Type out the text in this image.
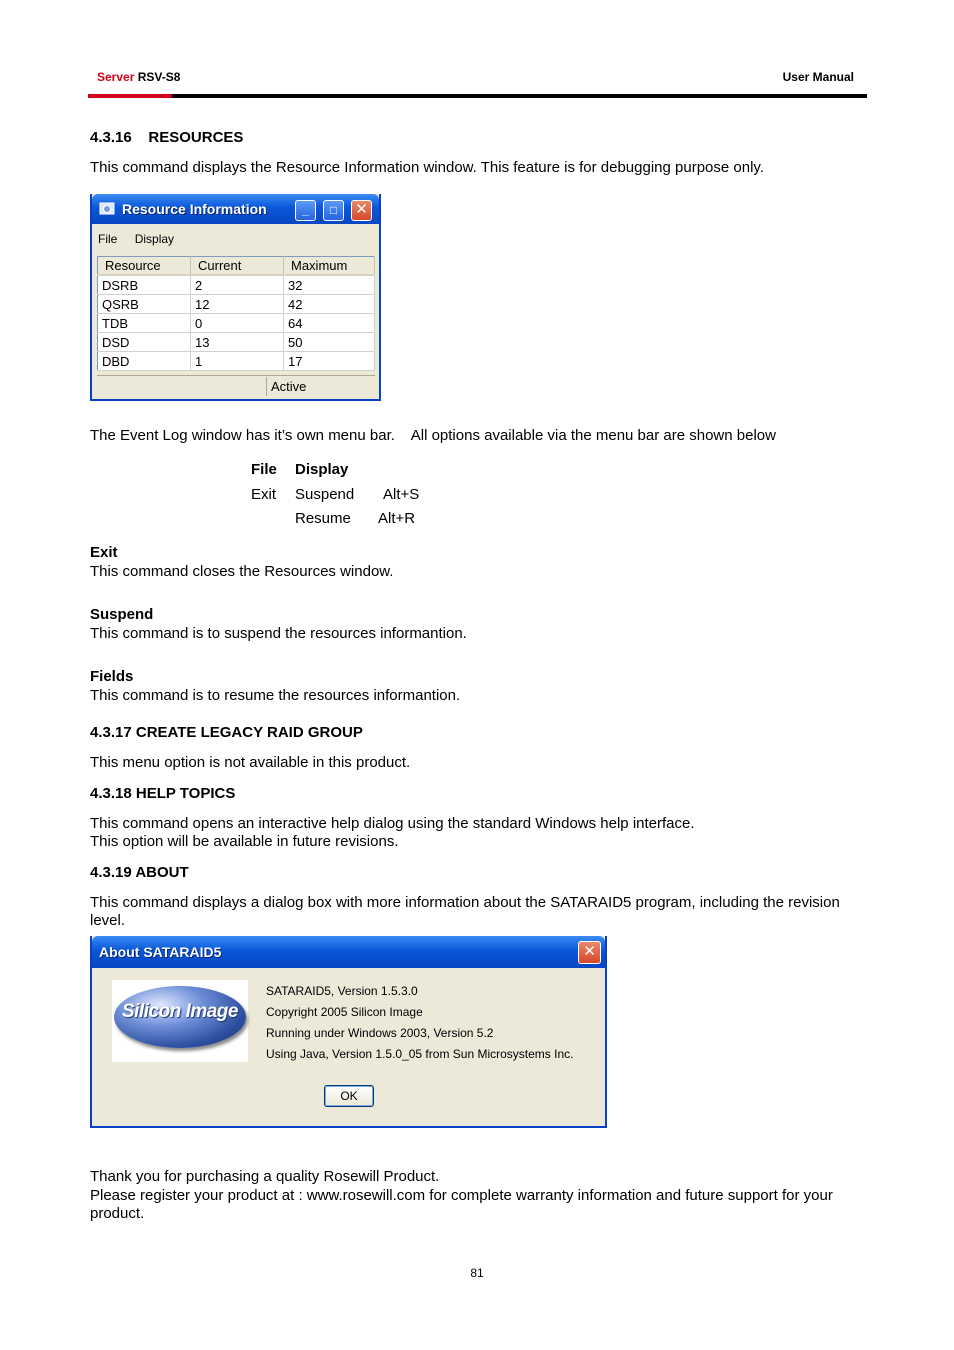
Server RSV-S8	User Manual
4.3.16 RESOURCES
This command displays the Resource Information window. This feature is for debugging purpose only.
Resource Information	_	□	✕
File Display
Resource	Current	Maximum
DSRB	2	32
QSRB	12	42
TDB	0	64
DSD	13	50
DBD	1	17
Active
The Event Log window has it’s own menu bar.    All options available via the menu bar are shown below
File Display
Exit Suspend Alt+S
Resume Alt+R
Exit
This command closes the Resources window.
Suspend
This command is to suspend the resources informantion.
Fields
This command is to resume the resources informantion.
4.3.17 CREATE LEGACY RAID GROUP
This menu option is not available in this product.
4.3.18 HELP TOPICS
This command opens an interactive help dialog using the standard Windows help interface.
This option will be available in future revisions.
4.3.19 ABOUT
This command displays a dialog box with more information about the SATARAID5 program, including the revision level.
About SATARAID5	✕
Silicon Image
SATARAID5, Version 1.5.3.0
Copyright 2005 Silicon Image
Running under Windows 2003, Version 5.2
Using Java, Version 1.5.0_05 from Sun Microsystems Inc.
OK
Thank you for purchasing a quality Rosewill Product.
Please register your product at : www.rosewill.com for complete warranty information and future support for your product.
81
